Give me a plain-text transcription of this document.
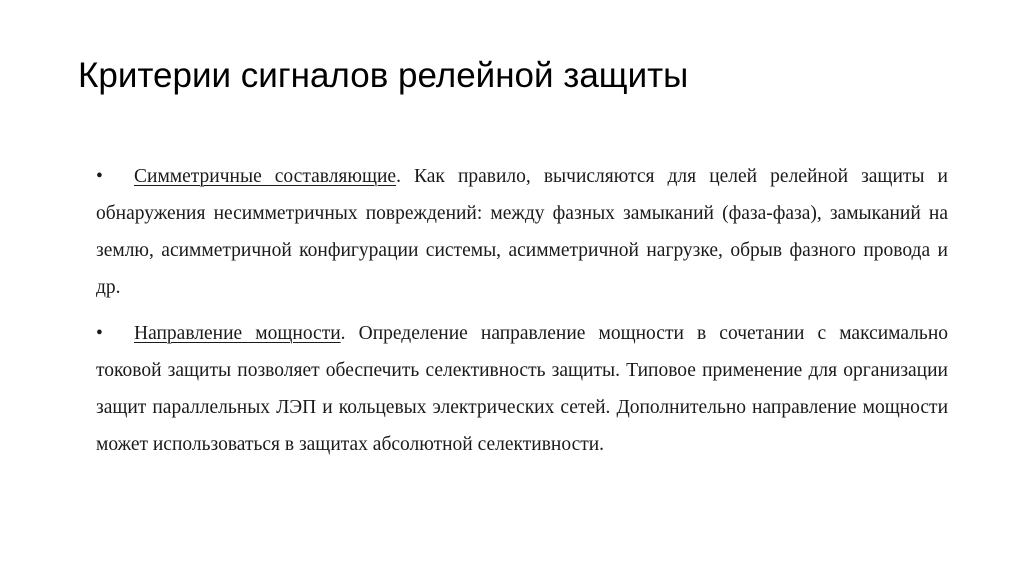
Критерии сигналов релейной защиты
•	Симметричные составляющие. Как правило, вычисляются для целей релейной защиты и обнаружения несимметричных повреждений: между фазных замыканий (фаза-фаза), замыканий на землю, асимметричной конфигурации системы, асимметричной нагрузке, обрыв фазного провода и др.
•	Направление мощности. Определение направление мощности в сочетании с максимально токовой защиты позволяет обеспечить селективность защиты. Типовое применение для организации защит параллельных ЛЭП и кольцевых электрических сетей. Дополнительно направление мощности может использоваться в защитах абсолютной селективности.
